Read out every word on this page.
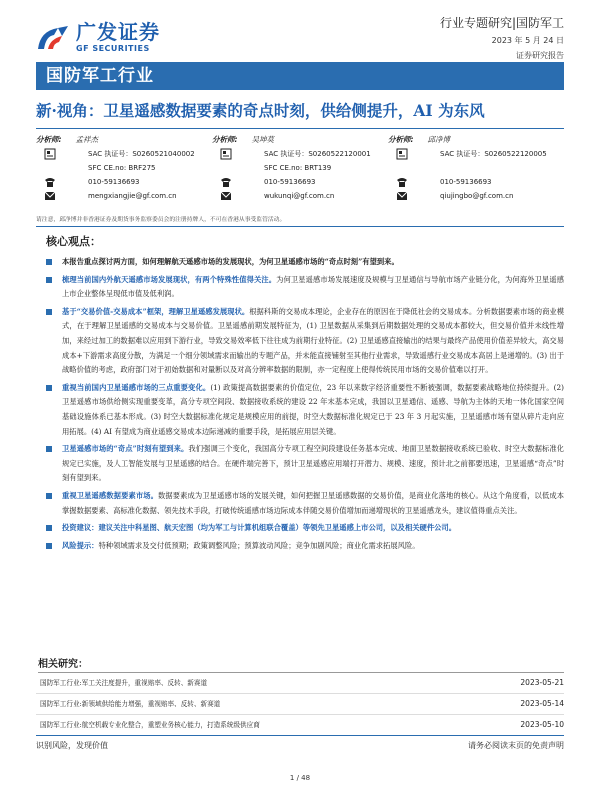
广发证券
GF SECURITIES
行业专题研究|国防军工
2023 年 5 月 24 日
证券研究报告
国防军工行业
新·视角：卫星遥感数据要素的奇点时刻，供给侧提升，AI 为东风
分析师: 孟祥杰
SAC 执证号：S0260521040002
SFC CE.no: BRF275
010-59136693
mengxiangjie@gf.com.cn
分析师: 吴坤莫
SAC 执证号：S0260522120001
SFC CE.no: BRT139
010-59136693
wukunqi@gf.com.cn
分析师: 邱净博
SAC 执证号：S0260522120005
010-59136693
qiujingbo@gf.com.cn
请注意，邱净博并非香港证券及期货事务监察委员会的注册持牌人，不可在香港从事受监管活动。
核心观点：
本报告重点探讨两方面，如何理解航天遥感市场的发展现状，为何卫星遥感市场的“奇点时刻”有望到来。
梳理当前国内外航天遥感市场发展现状，有两个特殊性值得关注。为何卫星遥感市场发展速度及规模与卫星通信与导航市场产业链分化，为何海外卫星遥感上市企业整体呈现低市值及低利润。
基于“交易价值-交易成本”框架，理解卫星遥感发展现状。根据科斯的交易成本理论，企业存在的原因在于降低社会的交易成本。分析数据要素市场的商业模式，在于理解卫星遥感的交易成本与交易价值。卫星遥感前期发展特征为，(1) 卫星数据从采集到后期数据处理的交易成本都较大，但交易价值并未线性增加，来经过加工的数据难以应用到下游行业，导致交易效率低下往往成为前期行业特征。(2) 卫星遥感直接输出的结果与最终产品使用价值差异较大，高交易成本+下游需求高度分散，为满足一个细分领域需求而输出的专题产品，并未能直接铺射至其他行业需求，导致遥感行业交易成本高居上是递增的。(3) 出于战略价值的考虑，政府部门对于初始数据和对量断以及对高分辨率数据的限制，亦一定程度上使得传统民用市场的交易价值难以打开。
重视当前国内卫星遥感市场的三点重要变化。(1) 政策提高数据要素的价值定位，23 年以来数字经济重要性不断被强调，数据要素战略地位持续提升。(2) 卫星遥感市场供给侧实现重要变革，高分专项空间段、数据接收系统的建设 22 年末基本完成，我国以卫星通信、遥感、导航为主体的天地一体化国家空间基础设施体系已基本形成。(3) 时空大数据标准化规定是规模应用的前提，时空大数据标准化规定已于 23 年 3 月起实施，卫星遥感市场有望从碎片走向应用拓展。(4) AI 有望成为商业遥感交易成本边际递减的重要手段，是拓展应用层关键。
卫星遥感市场的“奇点”时刻有望到来。我们强调三个变化，我国高分专项工程空间段建设任务基本完成、地面卫星数据接收系统已验收、时空大数据标准化规定已实施，及人工智能发展与卫星遥感的结合。在硬件端完善下，预计卫星遥感应用端打开潜力、规模、速度，预计北之前都要迅速，卫星遥感“奇点”时刻有望到来。
重视卫星遥感数据要素市场。数据要素成为卫星遥感市场的发展关键，如何把握卫星遥感数据的交易价值，是商业化落地的核心。从这个角度看，以低成本掌握数据要素、高标准化数据、领先技术手段，打破传统遥感市场边际成本伴随交易价值增加而递增现状的卫星遥感龙头，建议值得重点关注。
投资建议：建议关注中科星图、航天宏图（均为军工与计算机组联合覆盖）等领先卫星遥感上市公司，以及相关硬件公司。
风险提示：特种领域需求及交付低预期；政策调整风险；预算波动风险；竞争加剧风险；商业化需求拓展风险。
相关研究：
国防军工行业:军工关注度提升，重视赔率、反转、新赛道	2023-05-21
国防军工行业:新领域供给能力增强，重视赔率、反转、新赛道	2023-05-14
国防军工行业:航空机载专业化整合，重塑业务核心能力，打造系统级供应商	2023-05-10
识别风险，发现价值	请务必阅读末页的免责声明
1 / 48
